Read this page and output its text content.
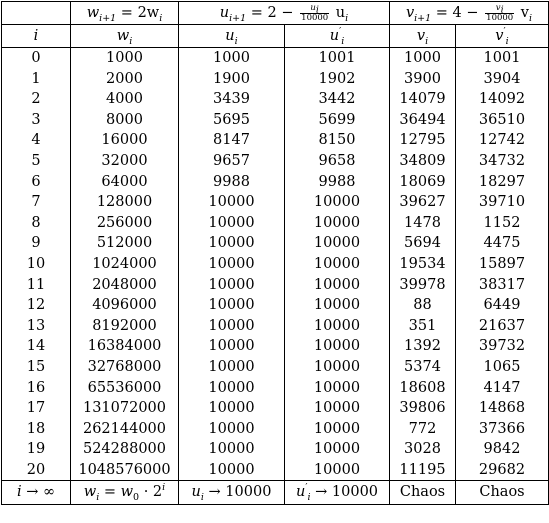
	$w_{i+1} = 2w_i$	$u_{i+1} = 2 - \frac{u_i}{10000} u_i$		$v_{i+1} = 4 - \frac{v_i}{10000} v_i$
i	$w_i$	$u_i$	$u'_i$	$v_i$	$v'_i$
0	1000	1000	1001	1000	1001
1	2000	1900	1902	3900	3904
2	4000	3439	3442	14079	14092
3	8000	5695	5699	36494	36510
4	16000	8147	8150	12795	12742
5	32000	9657	9658	34809	34732
6	64000	9988	9988	18069	18297
7	128000	10000	10000	39627	39710
8	256000	10000	10000	1478	1152
9	512000	10000	10000	5694	4475
10	1024000	10000	10000	19534	15897
11	2048000	10000	10000	39978	38317
12	4096000	10000	10000	88	6449
13	8192000	10000	10000	351	21637
14	16384000	10000	10000	1392	39732
15	32768000	10000	10000	5374	1065
16	65536000	10000	10000	18608	4147
17	131072000	10000	10000	39806	14868
18	262144000	10000	10000	772	37366
19	524288000	10000	10000	3028	9842
20	1048576000	10000	10000	11195	29682
i → ∞	$w_i = w_0 \cdot 2^i$	$u_i \to 10000$	$u'_i \to 10000$	Chaos	Chaos
